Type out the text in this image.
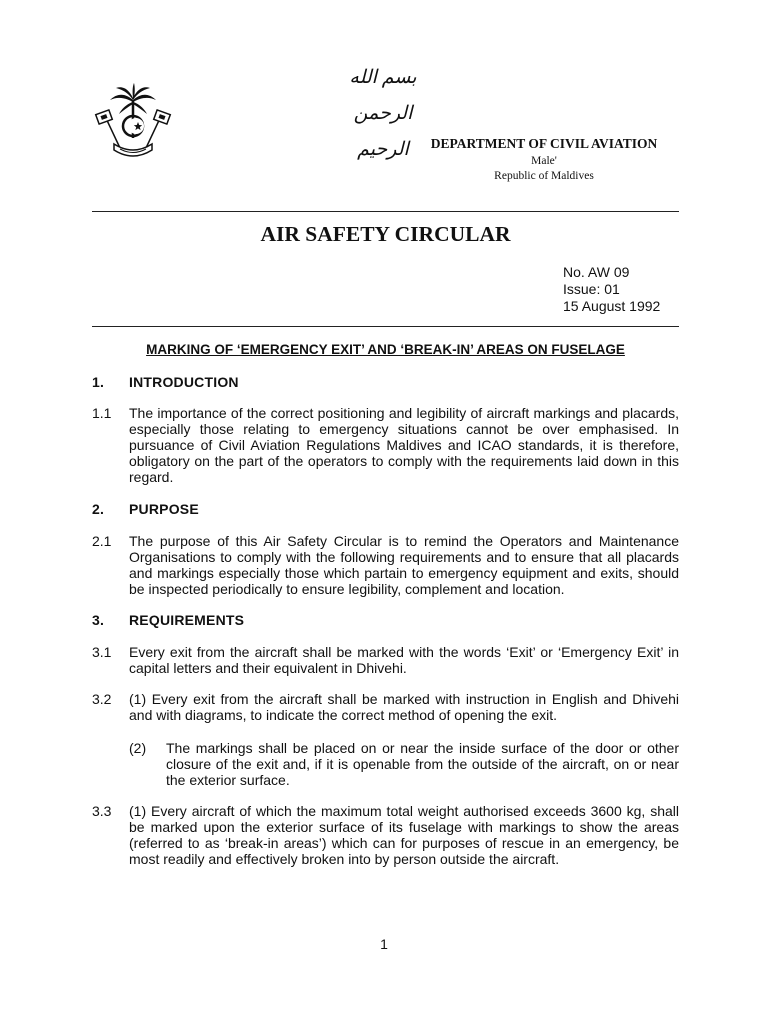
بسم الله الرحمن الرحيم	DEPARTMENT OF CIVIL AVIATION
Male'
Republic of Maldives
AIR SAFETY CIRCULAR
No. AW 09
Issue: 01
15 August 1992
MARKING OF ‘EMERGENCY EXIT’ AND ‘BREAK-IN’ AREAS ON FUSELAGE
1. INTRODUCTION
1.1 The importance of the correct positioning and legibility of aircraft markings and placards, especially those relating to emergency situations cannot be over emphasised. In pursuance of Civil Aviation Regulations Maldives and ICAO standards, it is therefore, obligatory on the part of the operators to comply with the requirements laid down in this regard.
2. PURPOSE
2.1 The purpose of this Air Safety Circular is to remind the Operators and Maintenance Organisations to comply with the following requirements and to ensure that all placards and markings especially those which partain to emergency equipment and exits, should be inspected periodically to ensure legibility, complement and location.
3. REQUIREMENTS
3.1 Every exit from the aircraft shall be marked with the words ‘Exit’ or ‘Emergency Exit’ in capital letters and their equivalent in Dhivehi.
3.2 (1) Every exit from the aircraft shall be marked with instruction in English and Dhivehi and with diagrams, to indicate the correct method of opening the exit.
(2) The markings shall be placed on or near the inside surface of the door or other closure of the exit and, if it is openable from the outside of the aircraft, on or near the exterior surface.
3.3 (1) Every aircraft of which the maximum total weight authorised exceeds 3600 kg, shall be marked upon the exterior surface of its fuselage with markings to show the areas (referred to as ‘break-in areas’) which can for purposes of rescue in an emergency, be most readily and effectively broken into by person outside the aircraft.
1
